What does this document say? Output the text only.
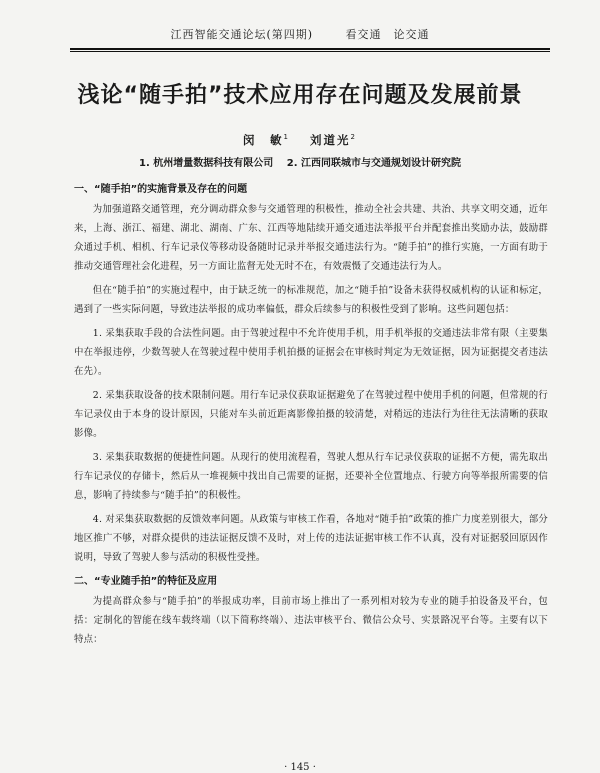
江西智能交通论坛(第四期)	看交通　论交通
浅论“随手拍”技术应用存在问题及发展前景
闵　敏$^1$ 刘道光$^2$
1. 杭州增量数据科技有限公司 2. 江西同联城市与交通规划设计研究院
一、“随手拍”的实施背景及存在的问题

为加强道路交通管理，充分调动群众参与交通管理的积极性，推动全社会共建、共治、共享文明交通，近年来，上海、浙江、福建、湖北、湖南、广东、江西等地陆续开通交通违法举报平台并配套推出奖励办法，鼓励群众通过手机、相机、行车记录仪等移动设备随时记录并举报交通违法行为。“随手拍”的推行实施，一方面有助于推动交通管理社会化进程，另一方面让监督无处无时不在，有效震慑了交通违法行为人。

但在“随手拍”的实施过程中，由于缺乏统一的标准规范，加之“随手拍”设备未获得权威机构的认证和标定，遇到了一些实际问题，导致违法举报的成功率偏低，群众后续参与的积极性受到了影响。这些问题包括：

1. 采集获取手段的合法性问题。由于驾驶过程中不允许使用手机，用手机举报的交通违法非常有限（主要集中在举报违停，少数驾驶人在驾驶过程中使用手机拍摄的证据会在审核时判定为无效证据，因为证据提交者违法在先）。

2. 采集获取设备的技术限制问题。用行车记录仪获取证据避免了在驾驶过程中使用手机的问题，但常规的行车记录仪由于本身的设计原因，只能对车头前近距离影像拍摄的较清楚，对稍远的违法行为往往无法清晰的获取影像。

3. 采集获取数据的便捷性问题。从现行的使用流程看，驾驶人想从行车记录仪获取的证据不方便，需先取出行车记录仪的存储卡，然后从一堆视频中找出自己需要的证据，还要补全位置地点、行驶方向等举报所需要的信息，影响了持续参与“随手拍”的积极性。

4. 对采集获取数据的反馈效率问题。从政策与审核工作看，各地对“随手拍”政策的推广力度差别很大，部分地区推广不够，对群众提供的违法证据反馈不及时，对上传的违法证据审核工作不认真，没有对证据驳回原因作说明，导致了驾驶人参与活动的积极性受挫。

二、“专业随手拍”的特征及应用

为提高群众参与“随手拍”的举报成功率，目前市场上推出了一系列相对较为专业的随手拍设备及平台，包括：定制化的智能在线车载终端（以下简称终端）、违法审核平台、微信公众号、实景路况平台等。主要有以下特点：

· 145 ·
